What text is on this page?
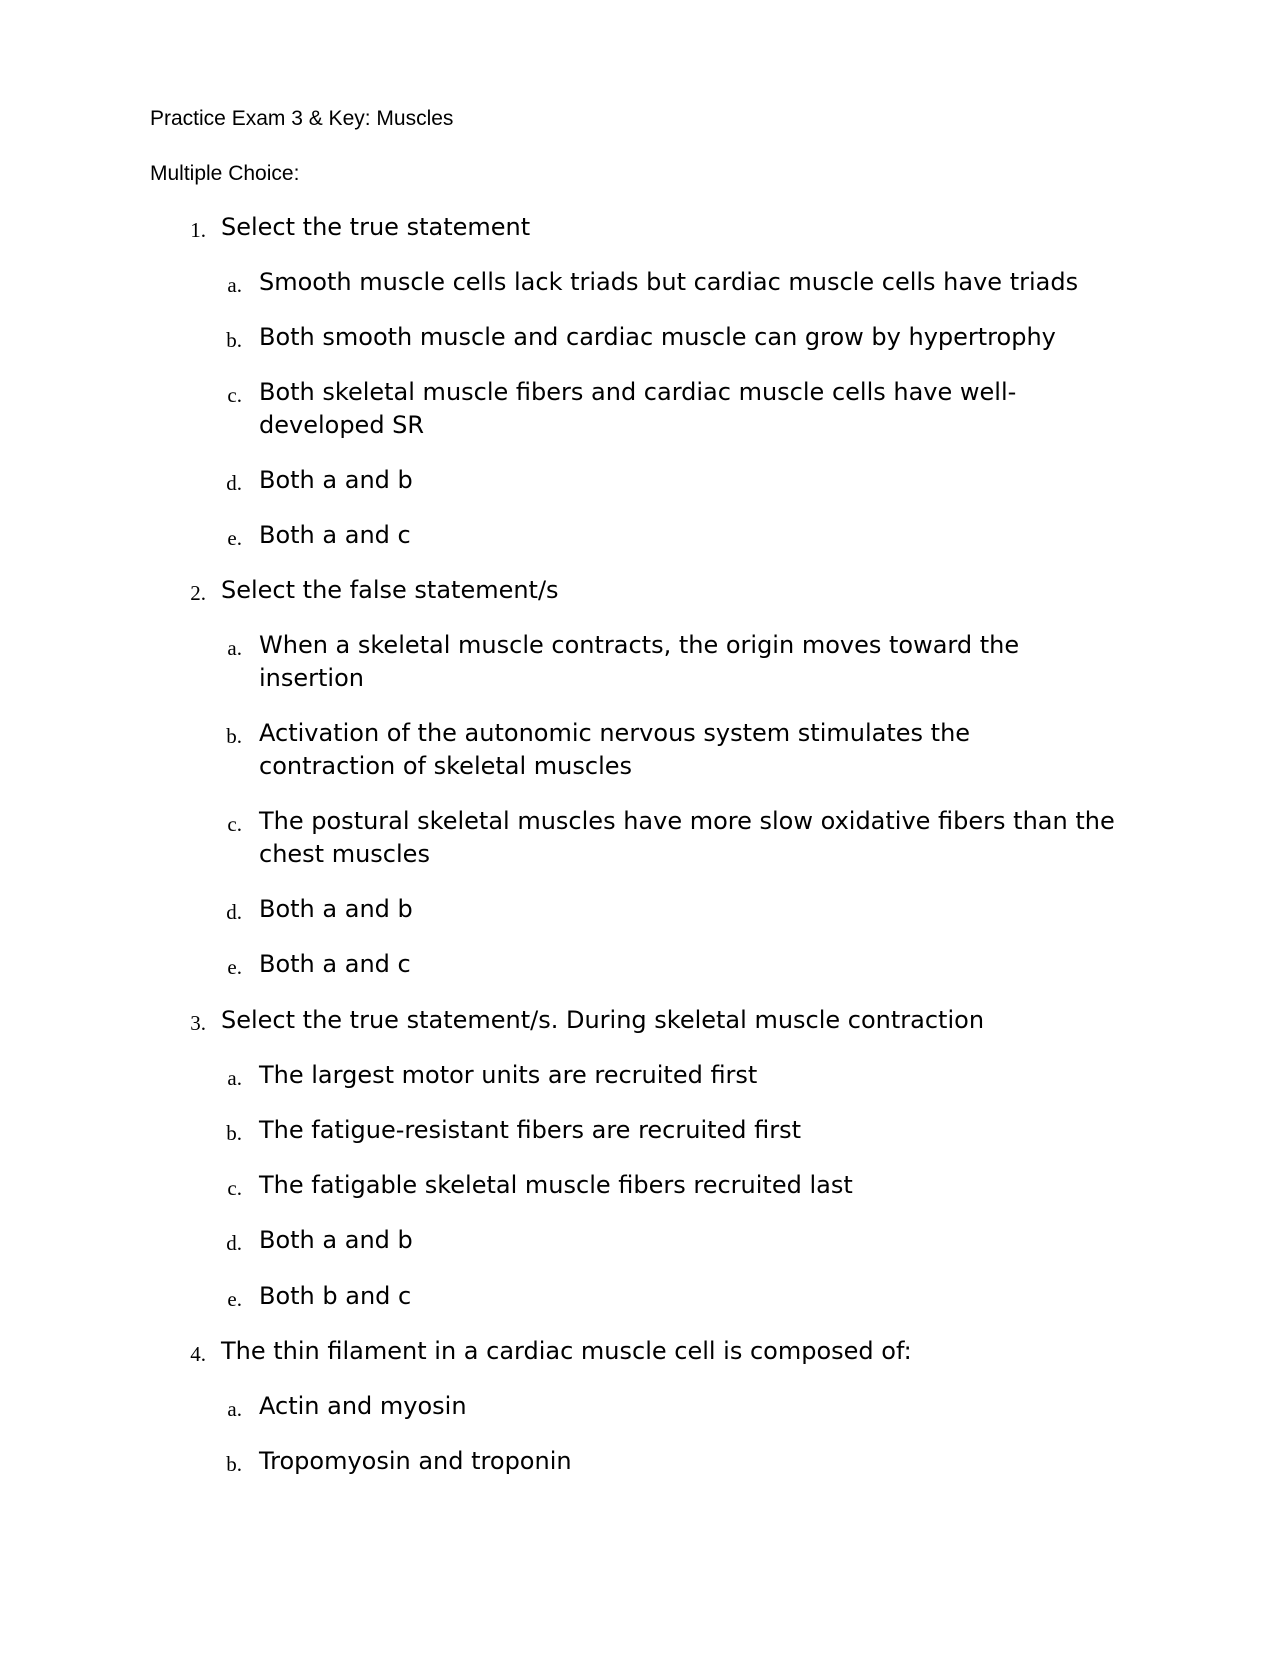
Practice Exam 3 & Key: Muscles
Multiple Choice:
1. Select the true statement
a. Smooth muscle cells lack triads but cardiac muscle cells have triads
b. Both smooth muscle and cardiac muscle can grow by hypertrophy
c. Both skeletal muscle fibers and cardiac muscle cells have well-developed SR
d. Both a and b
e. Both a and c
2. Select the false statement/s
a. When a skeletal muscle contracts, the origin moves toward the insertion
b. Activation of the autonomic nervous system stimulates the contraction of skeletal muscles
c. The postural skeletal muscles have more slow oxidative fibers than the chest muscles
d. Both a and b
e. Both a and c
3. Select the true statement/s. During skeletal muscle contraction
a. The largest motor units are recruited first
b. The fatigue-resistant fibers are recruited first
c. The fatigable skeletal muscle fibers recruited last
d. Both a and b
e. Both b and c
4. The thin filament in a cardiac muscle cell is composed of:
a. Actin and myosin
b. Tropomyosin and troponin
